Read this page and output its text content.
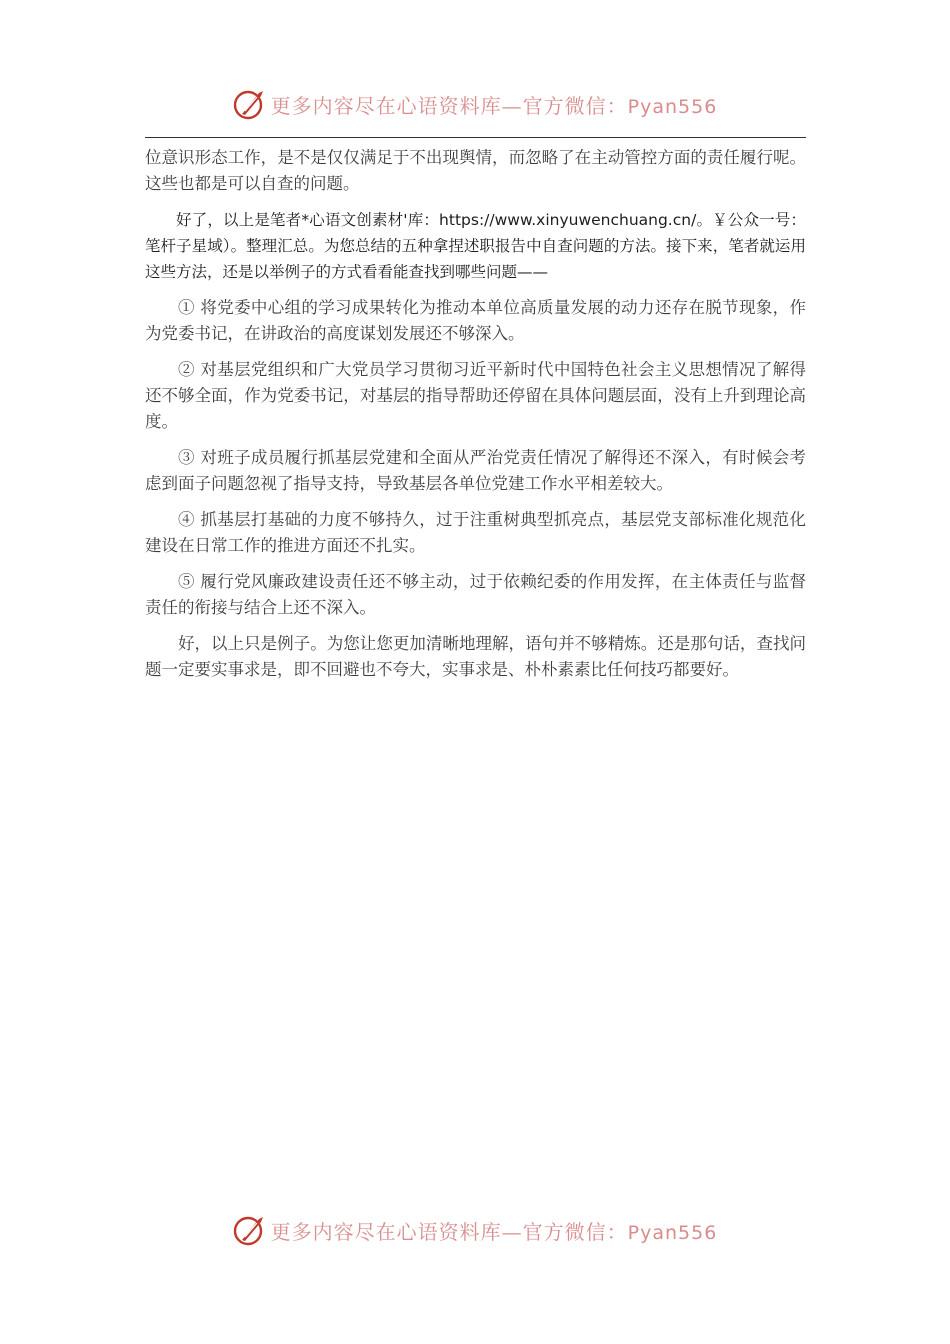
更多内容尽在心语资料库—官方微信：Pyan556

位意识形态工作，是不是仅仅满足于不出现舆情，而忽略了在主动管控方面的责任履行呢。这些也都是可以自查的问题。

好了，以上是笔者*心语文创素材'库：https://www.xinyuwenchuang.cn/。￥公众一号：笔杆子星域）。整理汇总。为您总结的五种拿捏述职报告中自查问题的方法。接下来，笔者就运用这些方法，还是以举例子的方式看看能查找到哪些问题——

① 将党委中心组的学习成果转化为推动本单位高质量发展的动力还存在脱节现象，作为党委书记，在讲政治的高度谋划发展还不够深入。

② 对基层党组织和广大党员学习贯彻习近平新时代中国特色社会主义思想情况了解得还不够全面，作为党委书记，对基层的指导帮助还停留在具体问题层面，没有上升到理论高度。

③ 对班子成员履行抓基层党建和全面从严治党责任情况了解得还不深入，有时候会考虑到面子问题忽视了指导支持，导致基层各单位党建工作水平相差较大。

④ 抓基层打基础的力度不够持久，过于注重树典型抓亮点，基层党支部标准化规范化建设在日常工作的推进方面还不扎实。

⑤ 履行党风廉政建设责任还不够主动，过于依赖纪委的作用发挥，在主体责任与监督责任的衔接与结合上还不深入。

好，以上只是例子。为您让您更加清晰地理解，语句并不够精炼。还是那句话，查找问题一定要实事求是，即不回避也不夸大，实事求是、朴朴素素比任何技巧都要好。

更多内容尽在心语资料库—官方微信：Pyan556
